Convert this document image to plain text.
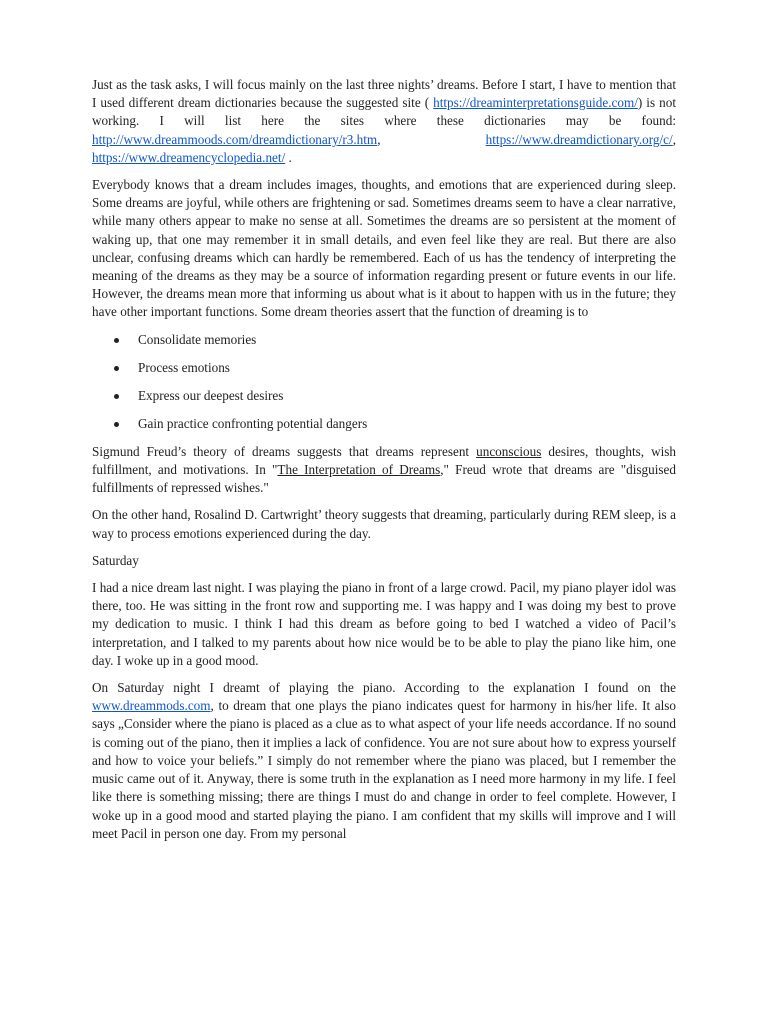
Just as the task asks, I will focus mainly on the last three nights’ dreams. Before I start, I have to mention that I used different dream dictionaries because the suggested site ( https://dreaminterpretationsguide.com/) is not working. I will list here the sites where these dictionaries may be found: http://www.dreammoods.com/dreamdictionary/r3.htm, https://www.dreamdictionary.org/c/, https://www.dreamencyclopedia.net/ .

Everybody knows that a dream includes images, thoughts, and emotions that are experienced during sleep. Some dreams are joyful, while others are frightening or sad. Sometimes dreams seem to have a clear narrative, while many others appear to make no sense at all. Sometimes the dreams are so persistent at the moment of waking up, that one may remember it in small details, and even feel like they are real. But there are also unclear, confusing dreams which can hardly be remembered. Each of us has the tendency of interpreting the meaning of the dreams as they may be a source of information regarding present or future events in our life. However, the dreams mean more that informing us about what is it about to happen with us in the future; they have other important functions. Some dream theories assert that the function of dreaming is to

Consolidate memories
Process emotions
Express our deepest desires
Gain practice confronting potential dangers

Sigmund Freud’s theory of dreams suggests that dreams represent unconscious desires, thoughts, wish fulfillment, and motivations. In "The Interpretation of Dreams," Freud wrote that dreams are "disguised fulfillments of repressed wishes."

On the other hand, Rosalind D. Cartwright’ theory suggests that dreaming, particularly during REM sleep, is a way to process emotions experienced during the day.

Saturday

I had a nice dream last night. I was playing the piano in front of a large crowd. Pacil, my piano player idol was there, too. He was sitting in the front row and supporting me. I was happy and I was doing my best to prove my dedication to music. I think I had this dream as before going to bed I watched a video of Pacil’s interpretation, and I talked to my parents about how nice would be to be able to play the piano like him, one day. I woke up in a good mood.

On Saturday night I dreamt of playing the piano. According to the explanation I found on the www.dreammods.com, to dream that one plays the piano indicates quest for harmony in his/her life. It also says „Consider where the piano is placed as a clue as to what aspect of your life needs accordance. If no sound is coming out of the piano, then it implies a lack of confidence. You are not sure about how to express yourself and how to voice your beliefs.” I simply do not remember where the piano was placed, but I remember the music came out of it. Anyway, there is some truth in the explanation as I need more harmony in my life. I feel like there is something missing; there are things I must do and change in order to feel complete. However, I woke up in a good mood and started playing the piano. I am confident that my skills will improve and I will meet Pacil in person one day. From my personal
